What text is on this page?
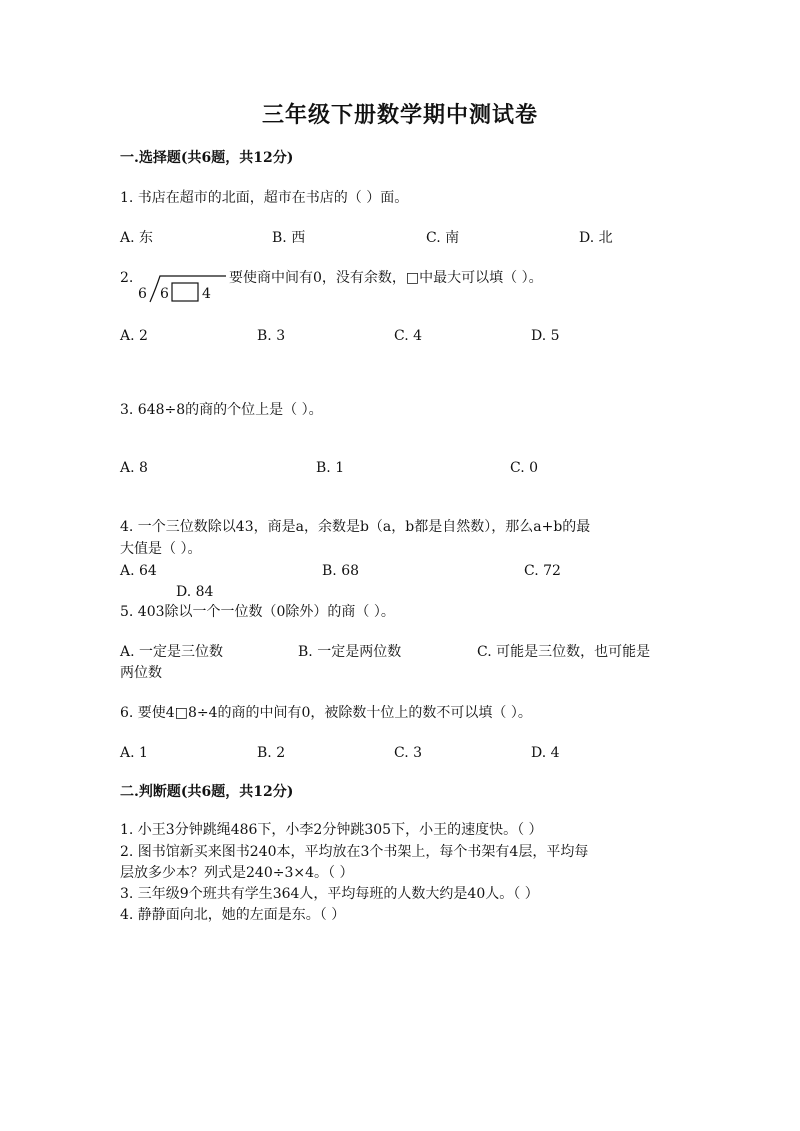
三年级下册数学期中测试卷
一.选择题(共6题，共12分)
1. 书店在超市的北面，超市在书店的（ ）面。
A. 东	B. 西	C. 南	D. 北
2.
6 6 4
要使商中间有0，没有余数，□中最大可以填（ ）。
A. 2	B. 3	C. 4	D. 5
3. 648÷8的商的个位上是（ ）。
A. 8	B. 1	C. 0
4. 一个三位数除以43，商是a，余数是b（a，b都是自然数），那么a+b的最
大值是（ ）。
A. 64	B. 68	C. 72
D. 84
5. 403除以一个一位数（0除外）的商（ ）。
A. 一定是三位数	B. 一定是两位数	C. 可能是三位数，也可能是
两位数
6. 要使4□8÷4的商的中间有0，被除数十位上的数不可以填（ ）。
A. 1	B. 2	C. 3	D. 4
二.判断题(共6题，共12分)
1. 小王3分钟跳绳486下，小李2分钟跳305下，小王的速度快。（ ）
2. 图书馆新买来图书240本，平均放在3个书架上，每个书架有4层，平均每
层放多少本？列式是240÷3×4。（ ）
3. 三年级9个班共有学生364人，平均每班的人数大约是40人。（ ）
4. 静静面向北，她的左面是东。（ ）
